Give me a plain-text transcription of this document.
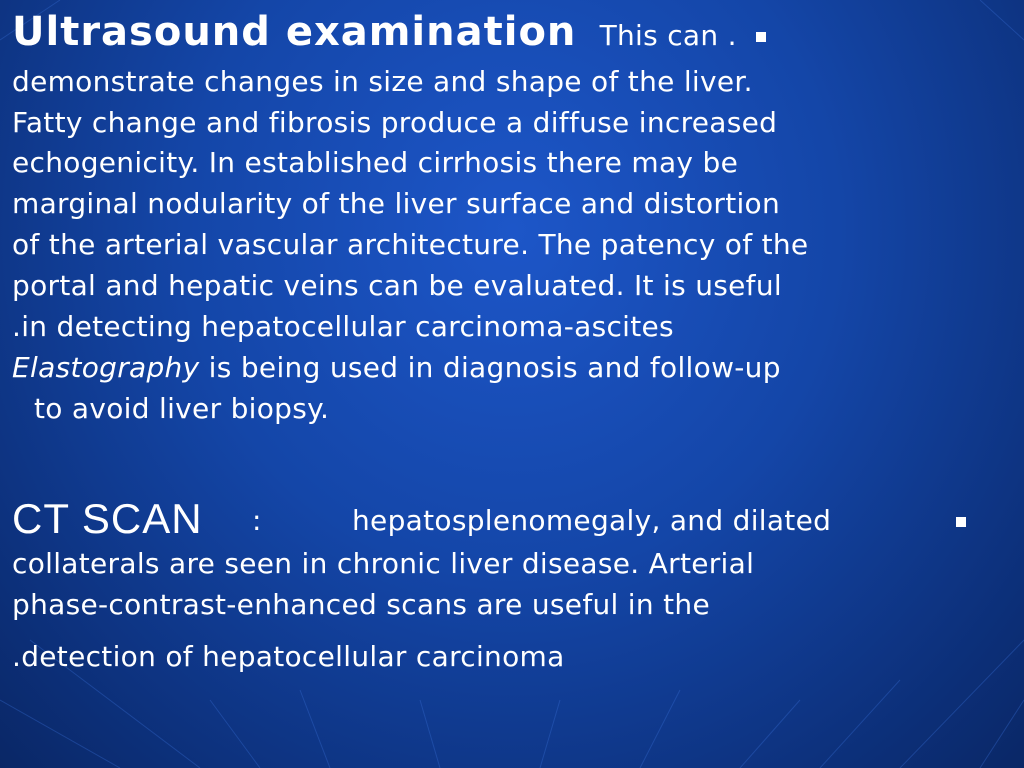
Ultrasound examination This can .
demonstrate changes in size and shape of the liver.
Fatty change and fibrosis produce a diffuse increased
echogenicity. In established cirrhosis there may be
marginal nodularity of the liver surface and distortion
of the arterial vascular architecture. The patency of the
portal and hepatic veins can be evaluated. It is useful
.in detecting hepatocellular carcinoma-ascites
Elastography is being used in diagnosis and follow-up
to avoid liver biopsy.
CT SCAN :	hepatosplenomegaly, and dilated
collaterals are seen in chronic liver disease. Arterial
phase-contrast-enhanced scans are useful in the
.detection of hepatocellular carcinoma
